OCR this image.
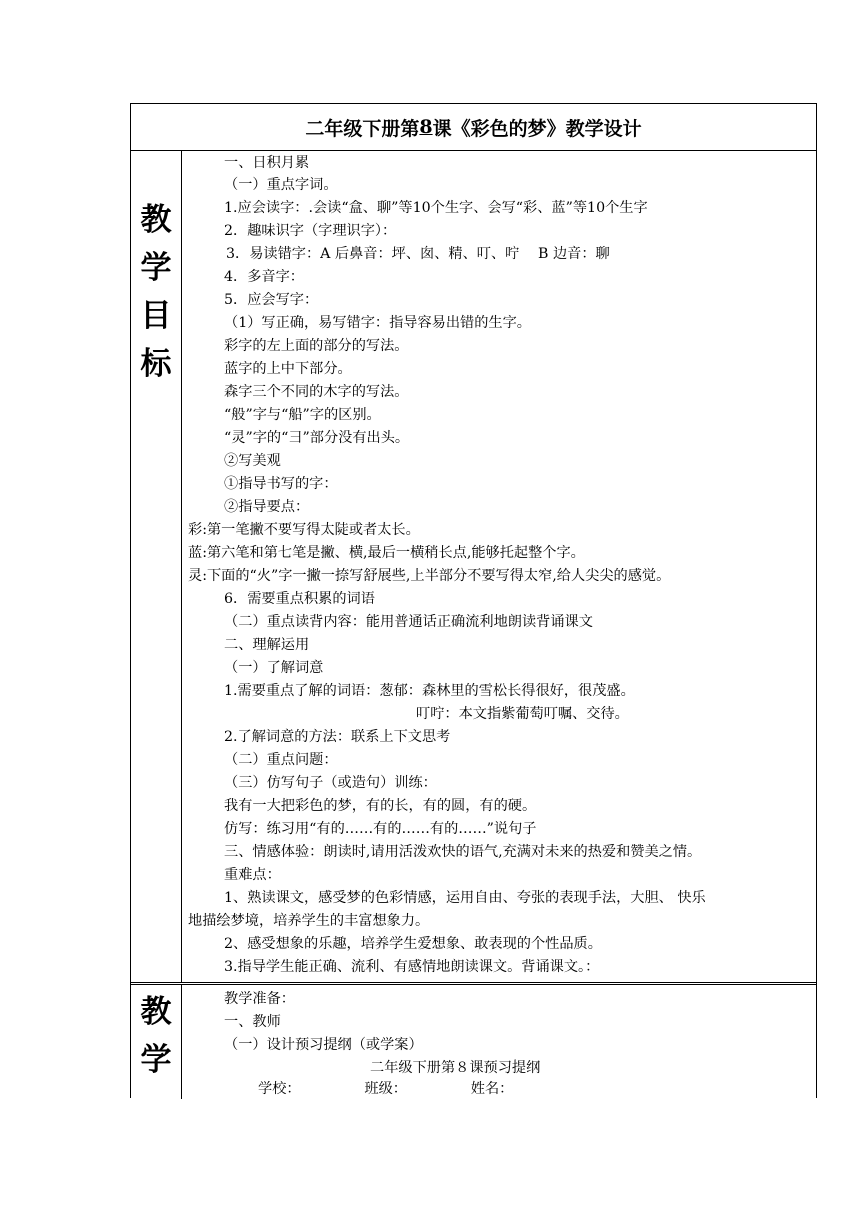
二年级下册第 8 课《彩色的梦》教学设计
教
学
目
标
教
学
一、日积月累
（一）重点字词。
1.应会读字：.会读“盒、聊”等10个生字、会写“彩、蓝”等10个生字
2．趣味识字（字理识字）：
3．易读错字：A 后鼻音：坪、囱、精、叮、咛　 B 边音：聊
4．多音字：
5．应会写字：
（1）写正确，易写错字：指导容易出错的生字。
彩字的左上面的部分的写法。
蓝字的上中下部分。
森字三个不同的木字的写法。
“般”字与“船”字的区别。
“灵”字的“彐”部分没有出头。
②写美观
①指导书写的字：
②指导要点：
彩:第一笔撇不要写得太陡或者太长。
蓝:第六笔和第七笔是撇、横,最后一横稍长点,能够托起整个字。
灵:下面的“火”字一撇一捺写舒展些,上半部分不要写得太窄,给人尖尖的感觉。
6．需要重点积累的词语
（二）重点读背内容：能用普通话正确流利地朗读背诵课文
二、理解运用
（一）了解词意
1.需要重点了解的词语：葱郁：森林里的雪松长得很好，很茂盛。
叮咛：本文指紫葡萄叮嘱、交待。
2.了解词意的方法：联系上下文思考
（二）重点问题：
（三）仿写句子（或造句）训练：
我有一大把彩色的梦，有的长，有的圆，有的硬。
仿写：练习用“有的……有的……有的……”说句子
三、情感体验：朗读时,请用活泼欢快的语气,充满对未来的热爱和赞美之情。
重难点：
1、熟读课文，感受梦的色彩情感，运用自由、夸张的表现手法，大胆、 快乐
地描绘梦境，培养学生的丰富想象力。
2、感受想象的乐趣，培养学生爱想象、敢表现的个性品质。
3.指导学生能正确、流利、有感情地朗读课文。背诵课文。：
教学准备：
一、教师
（一）设计预习提纲（或学案）
二年级下册第８课预习提纲
学校：　　　　　班级：　　　　　姓名：
